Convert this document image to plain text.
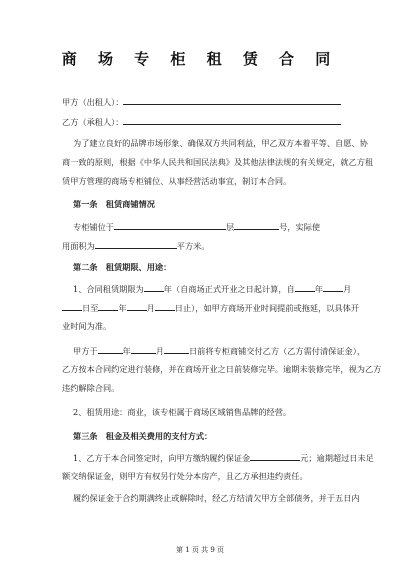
商 场 专 柜 租 赁 合 同
甲方（出租人）：
乙方（承租人）：
为了建立良好的品牌市场形象、确保双方共同利益，甲乙双方本着平等、自愿、协
商一致的原则，根据《中华人民共和国民法典》及其他法律法规的有关规定，就乙方租
赁甲方管理的商场专柜铺位、从事经营活动事宜，制订本合同。
第一条　租赁商铺情况
专柜铺位于	层	号，实际使
用面积为	平方米。
第二条　租赁期限、用途：
1、合同租赁期限为 年（自商场正式开业之日起计算，自 年 月
日至 年 月 日止），如甲方商场开业时间提前或拖延，以具体开
业时间为准。
甲方于	年	月	日前将专柜商铺交付乙方（乙方需付清保证金），
乙方按本合同约定进行装修，并在商场开业之日前装修完毕。逾期未装修完毕，视为乙方
违约解除合同。
2、租赁用途：商业，该专柜属于商场区域销售品牌的经营。
第三条　租金及相关费用的支付方式：
1、乙方于本合同签定时，向甲方缴纳履约保证金	元；逾期超过日未足
额交纳保证金，则甲方有权另行处分本房产，且乙方承担违约责任。
履约保证金于合约期满终止或解除时，经乙方结清欠甲方全部债务，并于五日内
第 1 页 共 9 页
